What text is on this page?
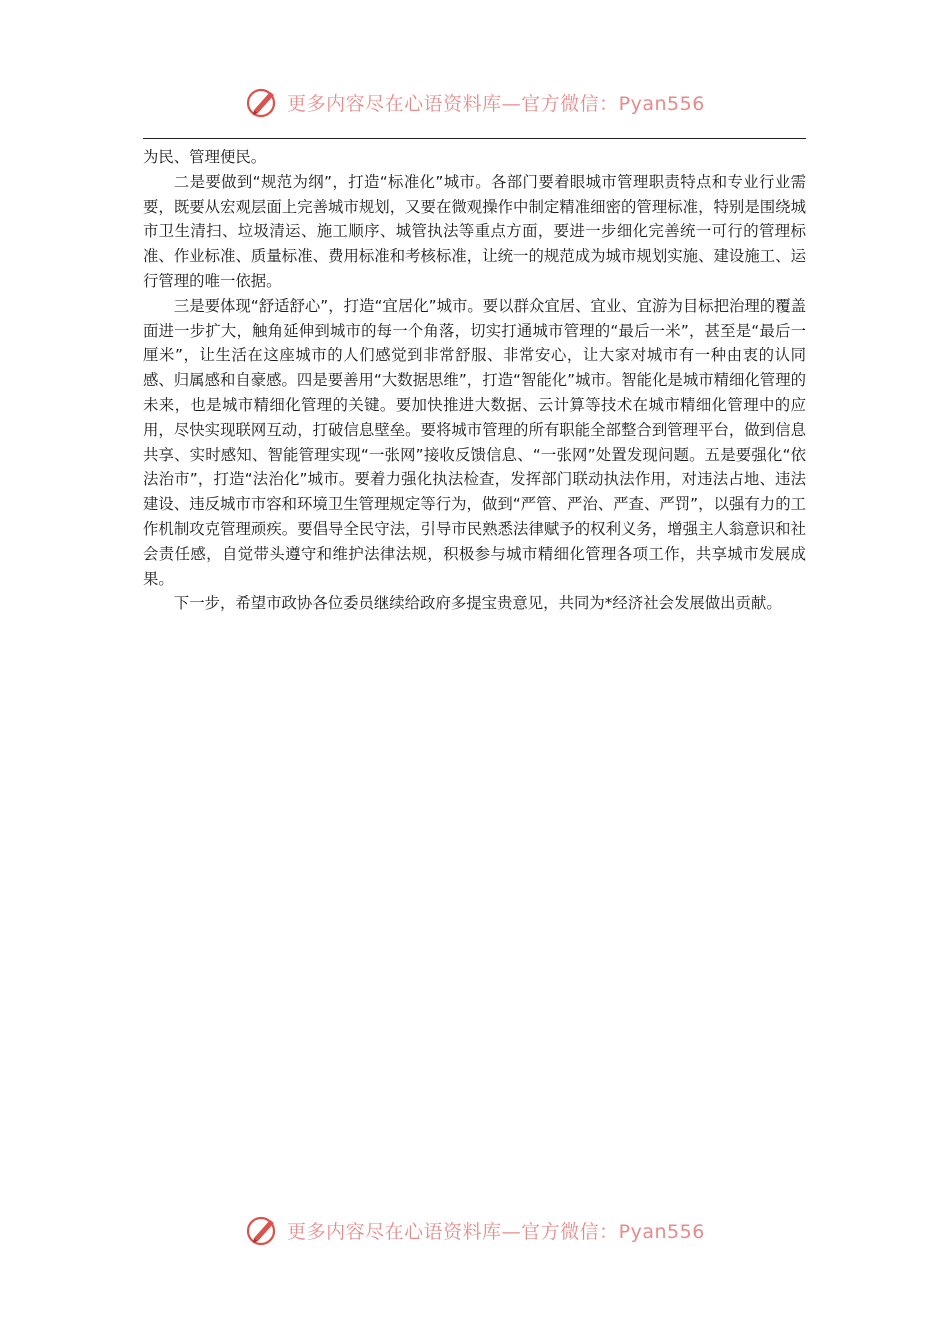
更多内容尽在心语资料库—官方微信：Pyan556

为民、管理便民。

二是要做到“规范为纲”，打造“标准化”城市。各部门要着眼城市管理职责特点和专业行业需要，既要从宏观层面上完善城市规划，又要在微观操作中制定精准细密的管理标准，特别是围绕城市卫生清扫、垃圾清运、施工顺序、城管执法等重点方面，要进一步细化完善统一可行的管理标准、作业标准、质量标准、费用标准和考核标准，让统一的规范成为城市规划实施、建设施工、运行管理的唯一依据。

三是要体现“舒适舒心”，打造“宜居化”城市。要以群众宜居、宜业、宜游为目标把治理的覆盖面进一步扩大，触角延伸到城市的每一个角落，切实打通城市管理的“最后一米”，甚至是“最后一厘米”，让生活在这座城市的人们感觉到非常舒服、非常安心，让大家对城市有一种由衷的认同感、归属感和自豪感。四是要善用“大数据思维”，打造“智能化”城市。智能化是城市精细化管理的未来，也是城市精细化管理的关键。要加快推进大数据、云计算等技术在城市精细化管理中的应用，尽快实现联网互动，打破信息壁垒。要将城市管理的所有职能全部整合到管理平台，做到信息共享、实时感知、智能管理实现“一张网”接收反馈信息、“一张网”处置发现问题。五是要强化“依法治市”，打造“法治化”城市。要着力强化执法检查，发挥部门联动执法作用，对违法占地、违法建设、违反城市市容和环境卫生管理规定等行为，做到“严管、严治、严查、严罚”，以强有力的工作机制攻克管理顽疾。要倡导全民守法，引导市民熟悉法律赋予的权利义务，增强主人翁意识和社会责任感，自觉带头遵守和维护法律法规，积极参与城市精细化管理各项工作，共享城市发展成果。

下一步，希望市政协各位委员继续给政府多提宝贵意见，共同为*经济社会发展做出贡献。

更多内容尽在心语资料库—官方微信：Pyan556
